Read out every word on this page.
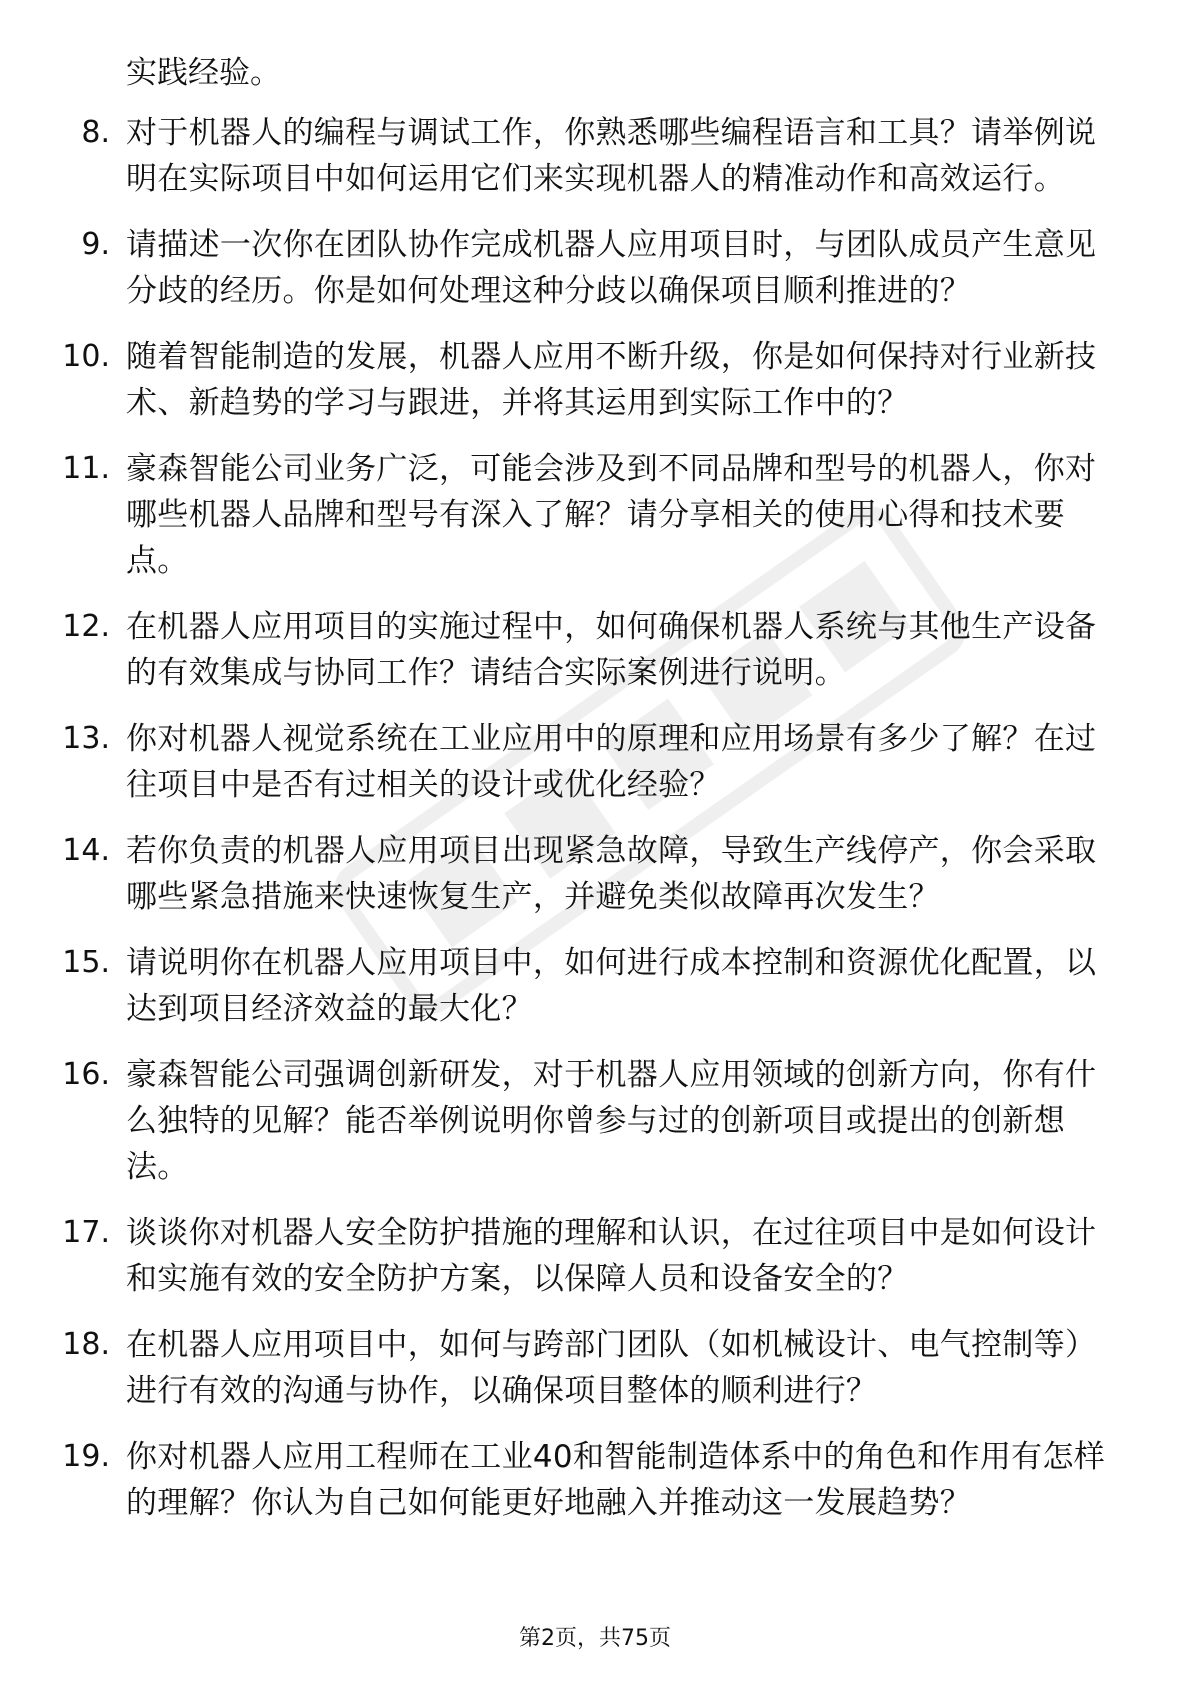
实践经验。
8. 对于机器人的编程与调试工作，你熟悉哪些编程语言和工具？请举例说明在实际项目中如何运用它们来实现机器人的精准动作和高效运行。
9. 请描述一次你在团队协作完成机器人应用项目时，与团队成员产生意见分歧的经历。你是如何处理这种分歧以确保项目顺利推进的？
10. 随着智能制造的发展，机器人应用不断升级，你是如何保持对行业新技术、新趋势的学习与跟进，并将其运用到实际工作中的？
11. 豪森智能公司业务广泛，可能会涉及到不同品牌和型号的机器人，你对哪些机器人品牌和型号有深入了解？请分享相关的使用心得和技术要点。
12. 在机器人应用项目的实施过程中，如何确保机器人系统与其他生产设备的有效集成与协同工作？请结合实际案例进行说明。
13. 你对机器人视觉系统在工业应用中的原理和应用场景有多少了解？在过往项目中是否有过相关的设计或优化经验？
14. 若你负责的机器人应用项目出现紧急故障，导致生产线停产，你会采取哪些紧急措施来快速恢复生产，并避免类似故障再次发生？
15. 请说明你在机器人应用项目中，如何进行成本控制和资源优化配置，以达到项目经济效益的最大化？
16. 豪森智能公司强调创新研发，对于机器人应用领域的创新方向，你有什么独特的见解？能否举例说明你曾参与过的创新项目或提出的创新想法。
17. 谈谈你对机器人安全防护措施的理解和认识，在过往项目中是如何设计和实施有效的安全防护方案，以保障人员和设备安全的？
18. 在机器人应用项目中，如何与跨部门团队（如机械设计、电气控制等）进行有效的沟通与协作，以确保项目整体的顺利进行？
19. 你对机器人应用工程师在工业40和智能制造体系中的角色和作用有怎样的理解？你认为自己如何能更好地融入并推动这一发展趋势？
第2页，共75页
